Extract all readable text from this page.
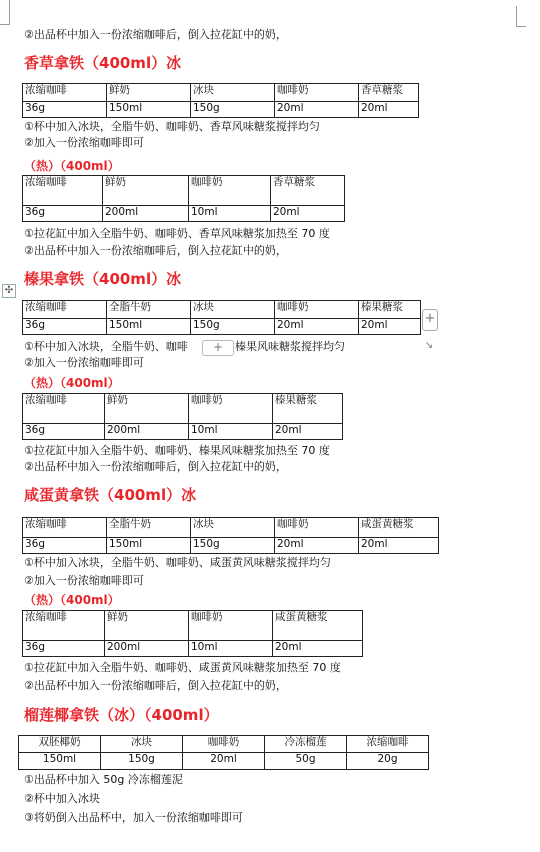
②出品杯中加入一份浓缩咖啡后，倒入拉花缸中的奶，
香草拿铁（400ml）冰
浓缩咖啡	鲜奶	冰块	咖啡奶	香草糖浆
36g	150ml	150g	20ml	20ml
①杯中加入冰块，全脂牛奶、咖啡奶、香草风味糖浆搅拌均匀
②加入一份浓缩咖啡即可
（热）（400ml）
浓缩咖啡	鲜奶	咖啡奶	香草糖浆
36g	200ml	10ml	20ml
①拉花缸中加入全脂牛奶、咖啡奶、香草风味糖浆加热至 70 度
②出品杯中加入一份浓缩咖啡后，倒入拉花缸中的奶，
✣
榛果拿铁（400ml）冰
浓缩咖啡	全脂牛奶	冰块	咖啡奶	榛果糖浆
36g	150ml	150g	20ml	20ml	+
↘
①杯中加入冰块，全脂牛奶、咖啡	+	榛果风味糖浆搅拌均匀
②加入一份浓缩咖啡即可
（热）（400ml）
浓缩咖啡	鲜奶	咖啡奶	榛果糖浆
36g	200ml	10ml	20ml
①拉花缸中加入全脂牛奶、咖啡奶、榛果风味糖浆加热至 70 度
②出品杯中加入一份浓缩咖啡后，倒入拉花缸中的奶，
咸蛋黄拿铁（400ml）冰
浓缩咖啡	全脂牛奶	冰块	咖啡奶	咸蛋黄糖浆
36g	150ml	150g	20ml	20ml
①杯中加入冰块，全脂牛奶、咖啡奶、咸蛋黄风味糖浆搅拌均匀
②加入一份浓缩咖啡即可
（热）（400ml）
浓缩咖啡	鲜奶	咖啡奶	咸蛋黄糖浆
36g	200ml	10ml	20ml
①拉花缸中加入全脂牛奶、咖啡奶、咸蛋黄风味糖浆加热至 70 度
②出品杯中加入一份浓缩咖啡后，倒入拉花缸中的奶，
榴莲椰拿铁（冰）（400ml）
双胚椰奶	冰块	咖啡奶	冷冻榴莲	浓缩咖啡
150ml	150g	20ml	50g	20g
①出品杯中加入 50g 冷冻榴莲泥
②杯中加入冰块
③将奶倒入出品杯中，加入一份浓缩咖啡即可
